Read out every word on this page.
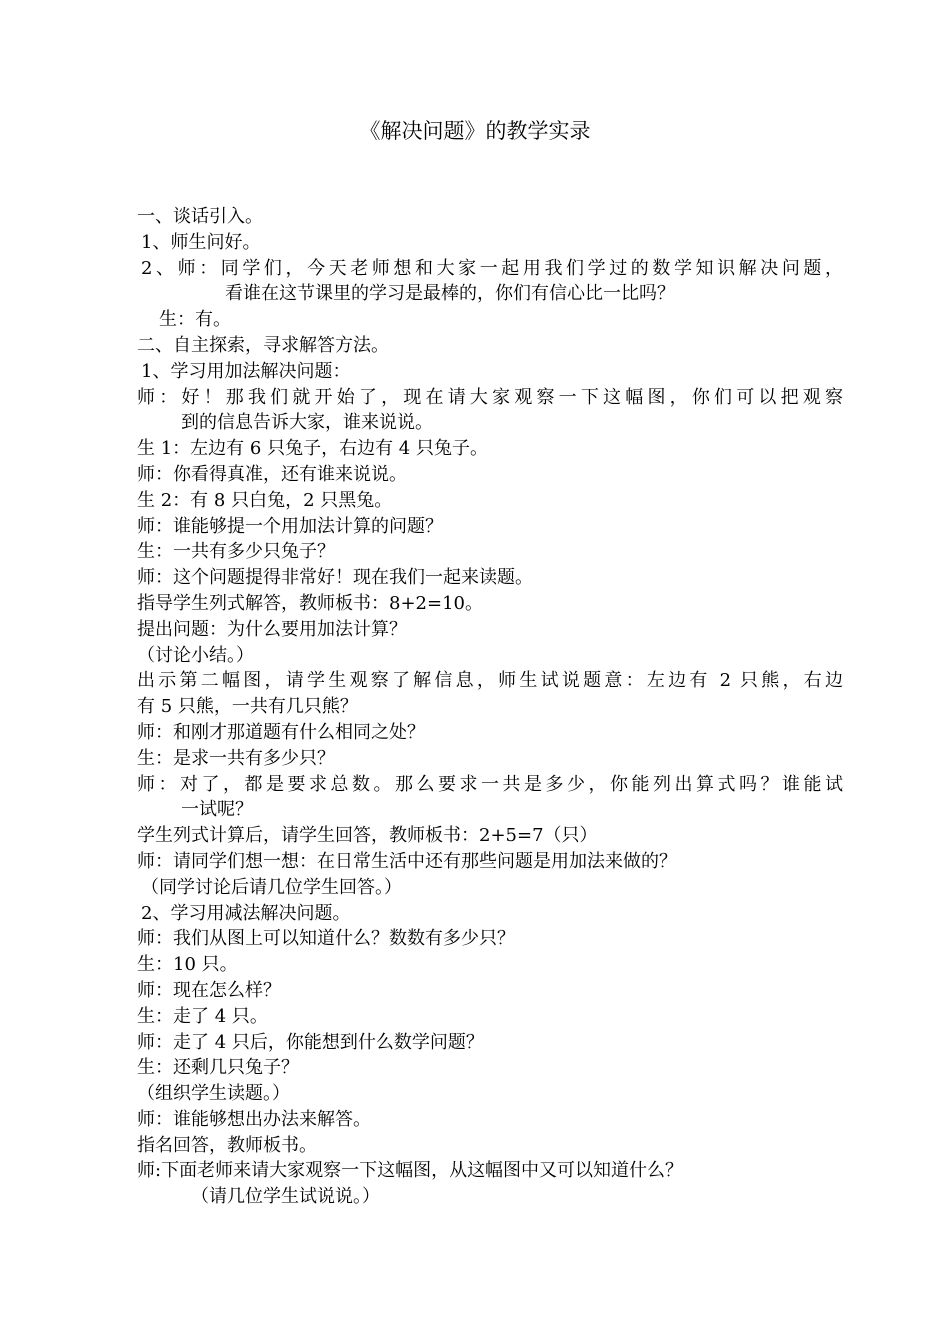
《解决问题》的教学实录
一、谈话引入。
1、师生问好。
2、师：同学们，今天老师想和大家一起用我们学过的数学知识解决问题，
看谁在这节课里的学习是最棒的，你们有信心比一比吗？
生：有。
二、自主探索，寻求解答方法。
1、学习用加法解决问题：
师：好！那我们就开始了，现在请大家观察一下这幅图，你们可以把观察
到的信息告诉大家，谁来说说。
生 1：左边有 6 只兔子，右边有 4 只兔子。
师：你看得真准，还有谁来说说。
生 2：有 8 只白兔，2 只黑兔。
师：谁能够提一个用加法计算的问题？
生：一共有多少只兔子？
师：这个问题提得非常好！现在我们一起来读题。
指导学生列式解答，教师板书：8+2=10。
提出问题：为什么要用加法计算？
（讨论小结。）
出示第二幅图，请学生观察了解信息，师生试说题意：左边有 2 只熊，右边
有 5 只熊，一共有几只熊？
师：和刚才那道题有什么相同之处？
生：是求一共有多少只？
师：对了，都是要求总数。那么要求一共是多少，你能列出算式吗？谁能试
一试呢？
学生列式计算后，请学生回答，教师板书：2+5=7（只）
师：请同学们想一想：在日常生活中还有那些问题是用加法来做的？
（同学讨论后请几位学生回答。）
2、学习用减法解决问题。
师：我们从图上可以知道什么？数数有多少只？
生：10 只。
师：现在怎么样？
生：走了 4 只。
师：走了 4 只后，你能想到什么数学问题？
生：还剩几只兔子？
（组织学生读题。）
师：谁能够想出办法来解答。
指名回答，教师板书。
师:下面老师来请大家观察一下这幅图，从这幅图中又可以知道什么？
（请几位学生试说说。）
